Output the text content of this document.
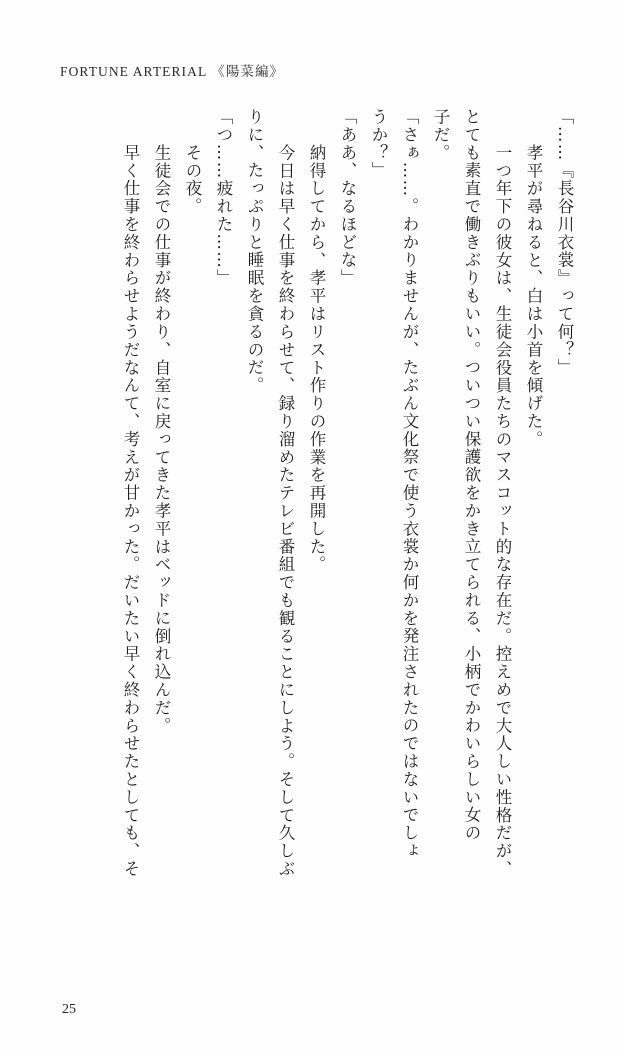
FORTUNE ARTERIAL 《陽菜編》
「……『長谷川衣裳』って何？」
　孝平が尋ねると、白は小首を傾げた。
　一つ年下の彼女は、生徒会役員たちのマスコット的な存在だ。控えめで大人しい性格だが、
とても素直で働きぶりもいい。ついつい保護欲をかき立てられる、小柄でかわいらしい女の
子だ。
「さぁ……。わかりませんが、たぶん文化祭で使う衣裳か何かを発注されたのではないでしょ
うか？」
「ああ、なるほどな」
　納得してから、孝平はリスト作りの作業を再開した。
　今日は早く仕事を終わらせて、録り溜めたテレビ番組でも観ることにしよう。そして久しぶ
りに、たっぷりと睡眠を貪るのだ。
「つ……疲れた……」
　その夜。
　生徒会での仕事が終わり、自室に戻ってきた孝平はベッドに倒れ込んだ。
　早く仕事を終わらせようだなんて、考えが甘かった。だいたい早く終わらせたとしても、そ
25
